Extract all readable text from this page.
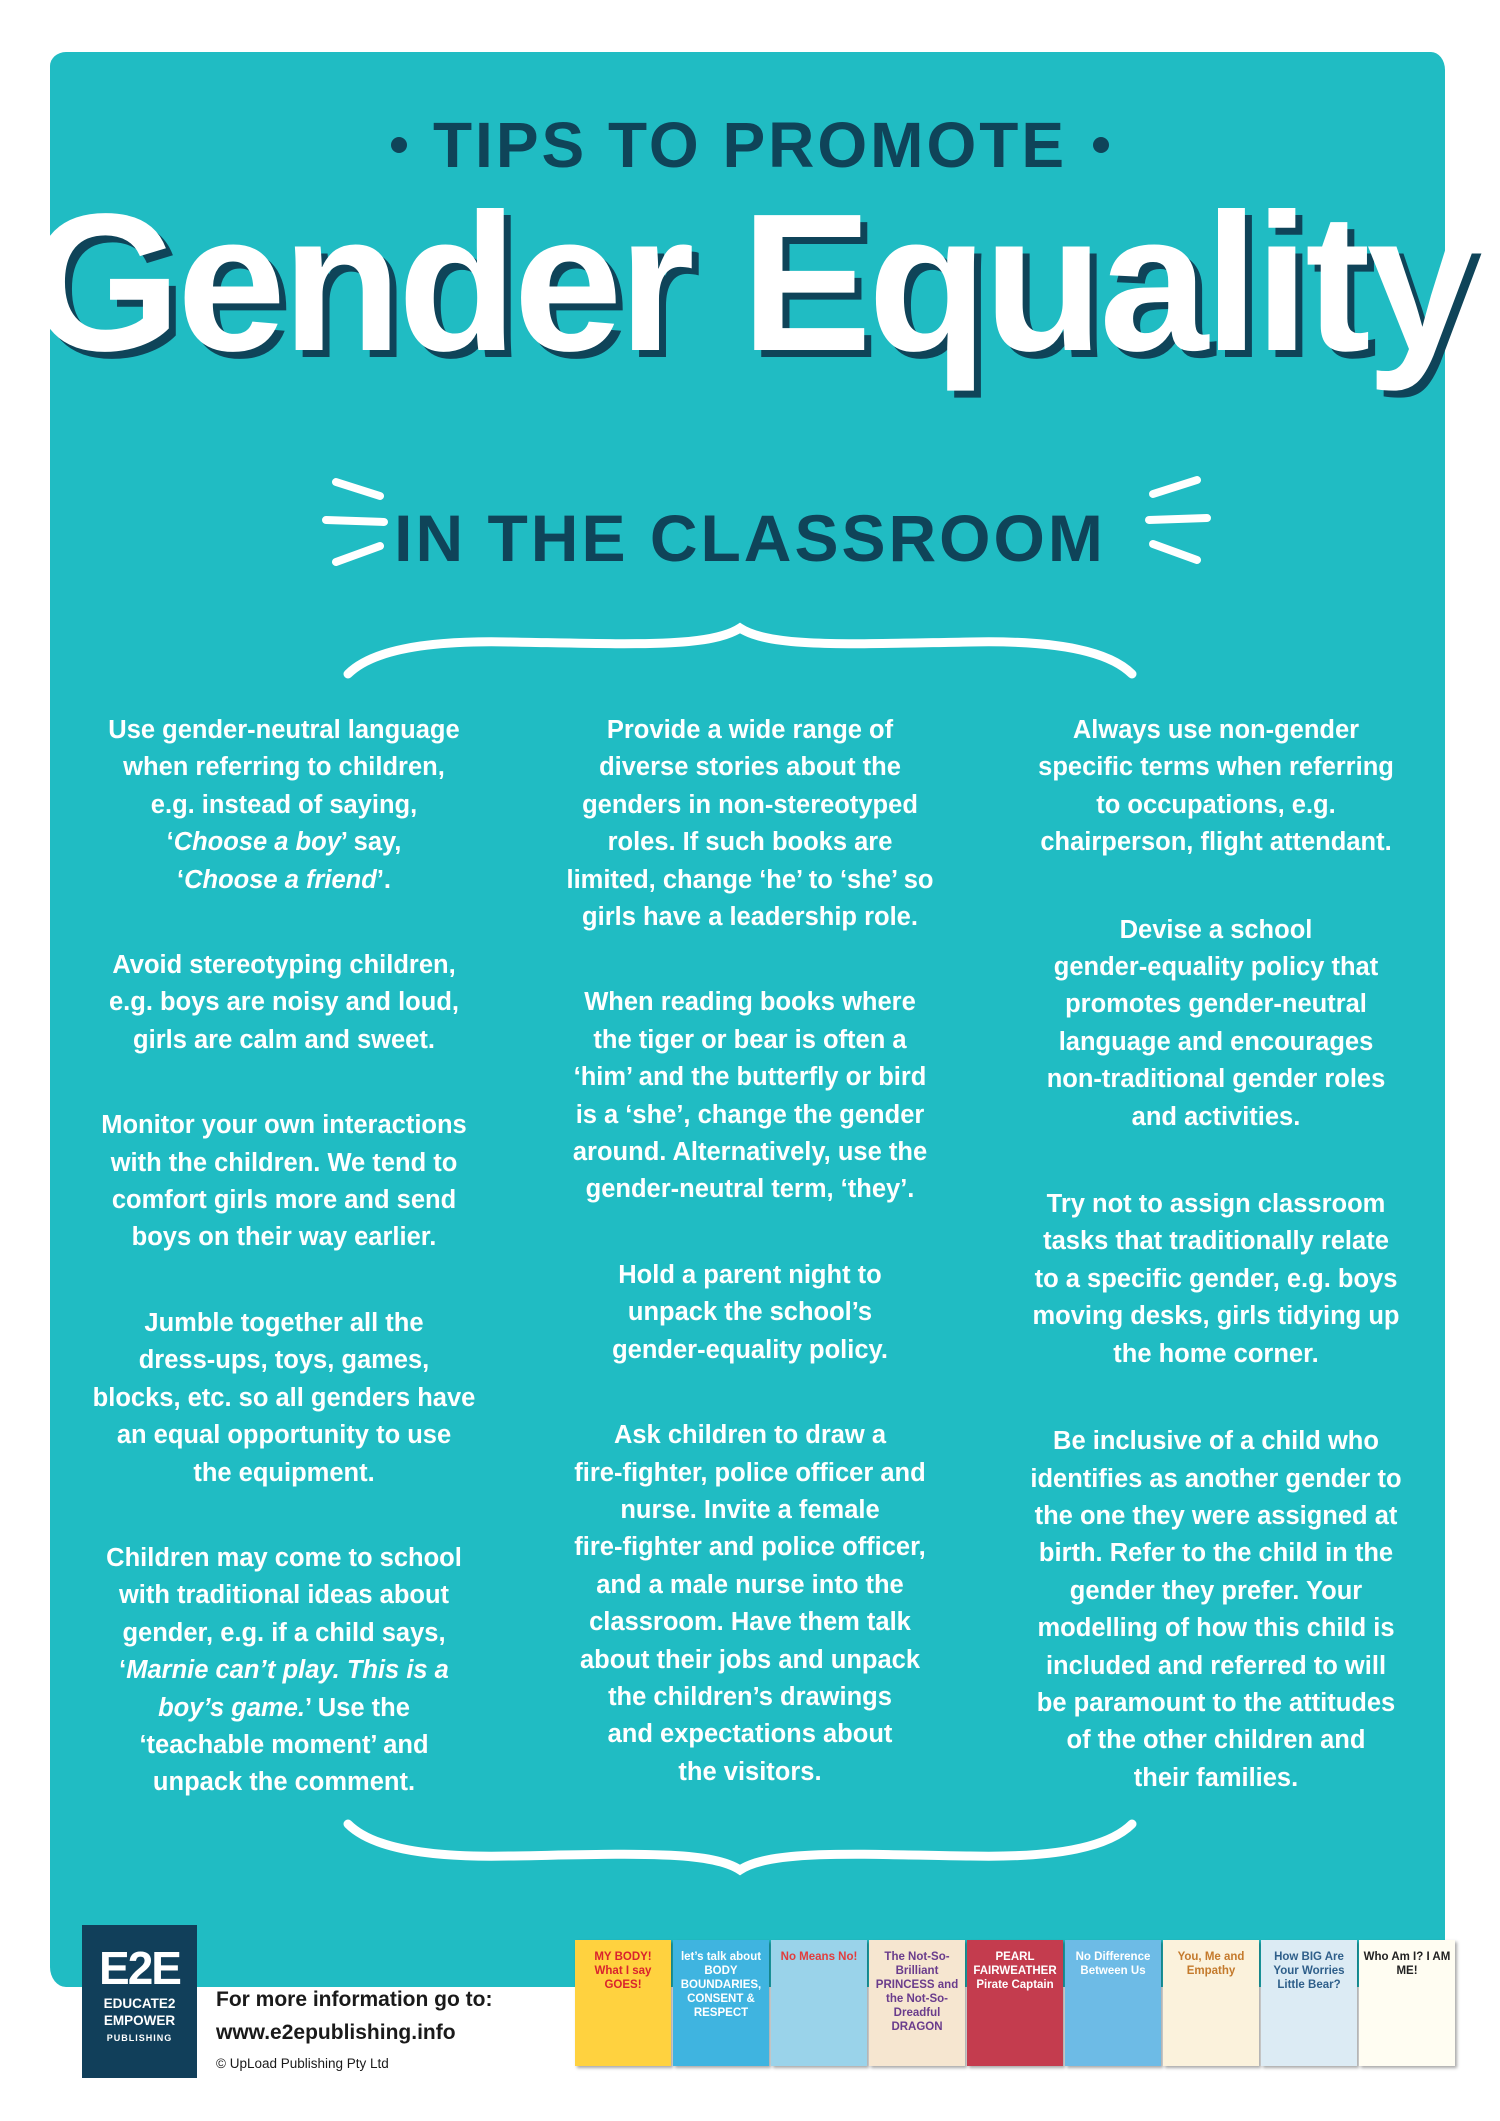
TIPS TO PROMOTE
Gender Equality
IN THE CLASSROOM
Use gender-neutral language
when referring to children,
e.g. instead of saying,
‘Choose a boy’ say,
‘Choose a friend’.
Avoid stereotyping children,
e.g. boys are noisy and loud,
girls are calm and sweet.
Monitor your own interactions
with the children. We tend to
comfort girls more and send
boys on their way earlier.
Jumble together all the
dress-ups, toys, games,
blocks, etc. so all genders have
an equal opportunity to use
the equipment.
Children may come to school
with traditional ideas about
gender, e.g. if a child says,
‘Marnie can’t play. This is a boy’s game.’ Use the
‘teachable moment’ and
unpack the comment.
Provide a wide range of
diverse stories about the
genders in non-stereotyped
roles. If such books are
limited, change ‘he’ to ‘she’ so
girls have a leadership role.
When reading books where
the tiger or bear is often a
‘him’ and the butterfly or bird
is a ‘she’, change the gender
around. Alternatively, use the
gender-neutral term, ‘they’.
Hold a parent night to
unpack the school’s
gender-equality policy.
Ask children to draw a
fire-fighter, police officer and
nurse. Invite a female
fire-fighter and police officer,
and a male nurse into the
classroom. Have them talk
about their jobs and unpack
the children’s drawings
and expectations about
the visitors.
Always use non-gender
specific terms when referring
to occupations, e.g.
chairperson, flight attendant.
Devise a school
gender-equality policy that
promotes gender-neutral
language and encourages
non-traditional gender roles
and activities.
Try not to assign classroom
tasks that traditionally relate
to a specific gender, e.g. boys
moving desks, girls tidying up
the home corner.
Be inclusive of a child who
identifies as another gender to
the one they were assigned at
birth. Refer to the child in the
gender they prefer. Your
modelling of how this child is
included and referred to will
be paramount to the attitudes
of the other children and
their families.
E2E
EDUCATE2
EMPOWER
PUBLISHING
For more information go to:
www.e2epublishing.info
© UpLoad Publishing Pty Ltd
MY BODY! What I say GOES!
let’s talk about BODY BOUNDARIES, CONSENT & RESPECT
No Means No!	The Not-So-Brilliant PRINCESS and the Not-So-Dreadful DRAGON
PEARL FAIRWEATHER Pirate Captain
No Difference Between Us
You, Me and Empathy
How BIG Are Your Worries Little Bear?
Who Am I? I AM ME!
